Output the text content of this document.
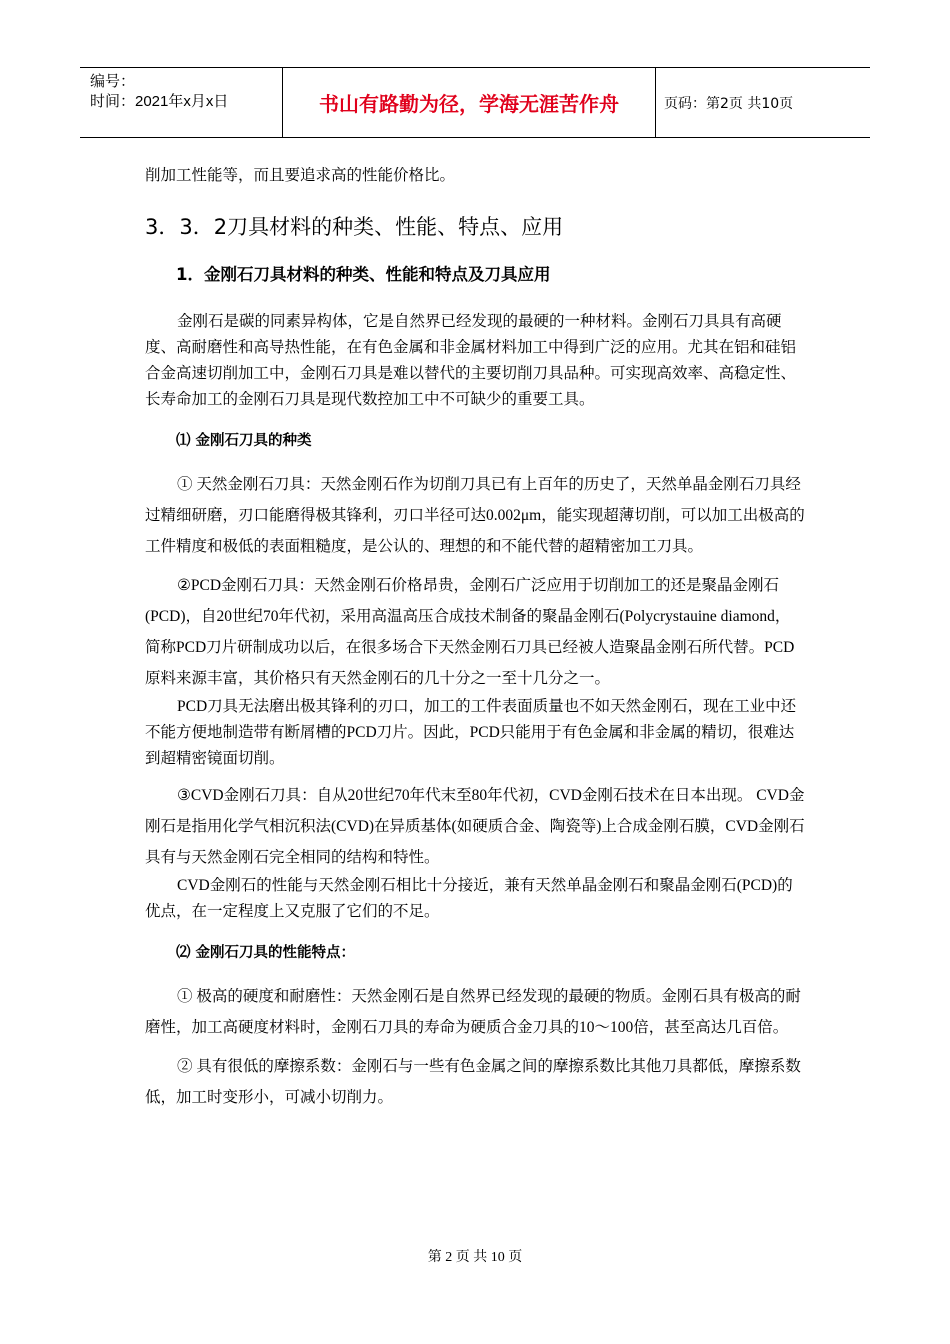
编号：
时间：2021年x月x日	书山有路勤为径，学海无涯苦作舟	页码：第2页 共10页

削加工性能等，而且要追求高的性能价格比。

3．3．2刀具材料的种类、性能、特点、应用
1．金刚石刀具材料的种类、性能和特点及刀具应用

金刚石是碳的同素异构体，它是自然界已经发现的最硬的一种材料。金刚石刀具具有高硬度、高耐磨性和高导热性能，在有色金属和非金属材料加工中得到广泛的应用。尤其在铝和硅铝合金高速切削加工中，金刚石刀具是难以替代的主要切削刀具品种。可实现高效率、高稳定性、长寿命加工的金刚石刀具是现代数控加工中不可缺少的重要工具。

⑴ 金刚石刀具的种类

① 天然金刚石刀具：天然金刚石作为切削刀具已有上百年的历史了，天然单晶金刚石刀具经过精细研磨，刃口能磨得极其锋利，刃口半径可达0.002μm，能实现超薄切削，可以加工出极高的工件精度和极低的表面粗糙度，是公认的、理想的和不能代替的超精密加工刀具。

②PCD金刚石刀具：天然金刚石价格昂贵，金刚石广泛应用于切削加工的还是聚晶金刚石(PCD)，自20世纪70年代初，采用高温高压合成技术制备的聚晶金刚石(Polycrystauine diamond，简称PCD刀片研制成功以后，在很多场合下天然金刚石刀具已经被人造聚晶金刚石所代替。PCD原料来源丰富，其价格只有天然金刚石的几十分之一至十几分之一。

PCD刀具无法磨出极其锋利的刃口，加工的工件表面质量也不如天然金刚石，现在工业中还不能方便地制造带有断屑槽的PCD刀片。因此，PCD只能用于有色金属和非金属的精切，很难达到超精密镜面切削。

③CVD金刚石刀具：自从20世纪70年代末至80年代初，CVD金刚石技术在日本出现。 CVD金刚石是指用化学气相沉积法(CVD)在异质基体(如硬质合金、陶瓷等)上合成金刚石膜，CVD金刚石具有与天然金刚石完全相同的结构和特性。

CVD金刚石的性能与天然金刚石相比十分接近，兼有天然单晶金刚石和聚晶金刚石(PCD)的优点，在一定程度上又克服了它们的不足。

⑵ 金刚石刀具的性能特点：

① 极高的硬度和耐磨性：天然金刚石是自然界已经发现的最硬的物质。金刚石具有极高的耐磨性，加工高硬度材料时，金刚石刀具的寿命为硬质合金刀具的10～100倍，甚至高达几百倍。

② 具有很低的摩擦系数：金刚石与一些有色金属之间的摩擦系数比其他刀具都低，摩擦系数低，加工时变形小，可减小切削力。

第 2 页 共 10 页
